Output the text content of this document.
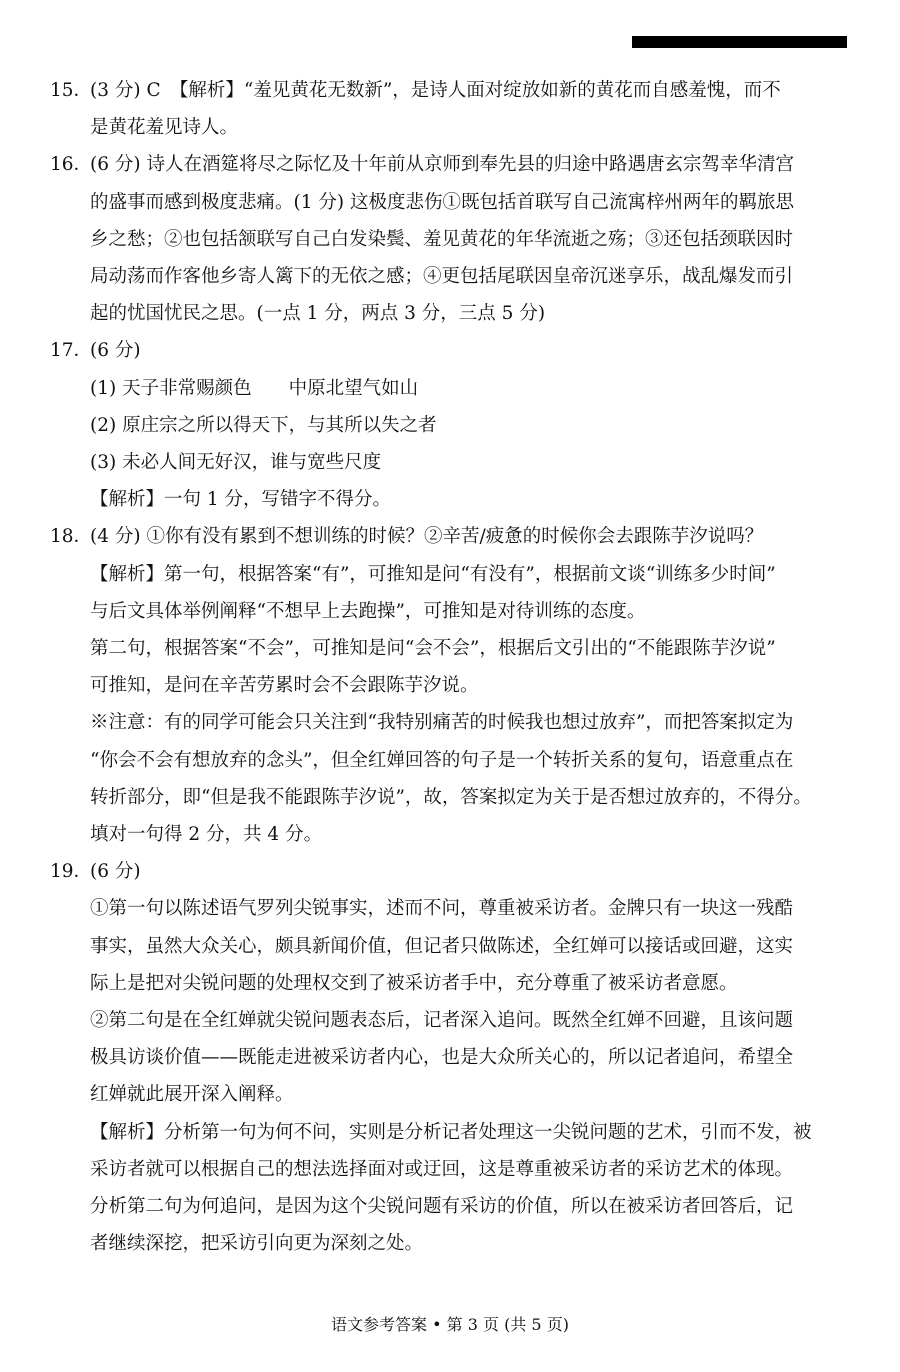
15．(3 分) C　【解析】“羞见黄花无数新”，是诗人面对绽放如新的黄花而自感羞愧，而不

是黄花羞见诗人。

16．(6 分) 诗人在酒筵将尽之际忆及十年前从京师到奉先县的归途中路遇唐玄宗驾幸华清宫

的盛事而感到极度悲痛。(1 分) 这极度悲伤①既包括首联写自己流寓梓州两年的羁旅思

乡之愁；②也包括颔联写自己白发染鬓、羞见黄花的年华流逝之殇；③还包括颈联因时

局动荡而作客他乡寄人篱下的无依之感；④更包括尾联因皇帝沉迷享乐，战乱爆发而引

起的忧国忧民之思。(一点 1 分，两点 3 分，三点 5 分)

17．(6 分)

(1) 天子非常赐颜色　　中原北望气如山

(2) 原庄宗之所以得天下，与其所以失之者

(3) 未必人间无好汉，谁与宽些尺度

【解析】一句 1 分，写错字不得分。

18．(4 分) ①你有没有累到不想训练的时候？②辛苦/疲惫的时候你会去跟陈芋汐说吗？

【解析】第一句，根据答案“有”，可推知是问“有没有”，根据前文谈“训练多少时间”

与后文具体举例阐释“不想早上去跑操”，可推知是对待训练的态度。

第二句，根据答案“不会”，可推知是问“会不会”，根据后文引出的“不能跟陈芋汐说”

可推知，是问在辛苦劳累时会不会跟陈芋汐说。

※注意：有的同学可能会只关注到“我特别痛苦的时候我也想过放弃”，而把答案拟定为

“你会不会有想放弃的念头”，但全红婵回答的句子是一个转折关系的复句，语意重点在

转折部分，即“但是我不能跟陈芋汐说”，故，答案拟定为关于是否想过放弃的，不得分。

填对一句得 2 分，共 4 分。

19．(6 分)

①第一句以陈述语气罗列尖锐事实，述而不问，尊重被采访者。金牌只有一块这一残酷

事实，虽然大众关心，颇具新闻价值，但记者只做陈述，全红婵可以接话或回避，这实

际上是把对尖锐问题的处理权交到了被采访者手中，充分尊重了被采访者意愿。

②第二句是在全红婵就尖锐问题表态后，记者深入追问。既然全红婵不回避，且该问题

极具访谈价值——既能走进被采访者内心，也是大众所关心的，所以记者追问，希望全

红婵就此展开深入阐释。

【解析】分析第一句为何不问，实则是分析记者处理这一尖锐问题的艺术，引而不发，被

采访者就可以根据自己的想法选择面对或迂回，这是尊重被采访者的采访艺术的体现。

分析第二句为何追问，是因为这个尖锐问题有采访的价值，所以在被采访者回答后，记

者继续深挖，把采访引向更为深刻之处。

语文参考答案 • 第 3 页 (共 5 页)
